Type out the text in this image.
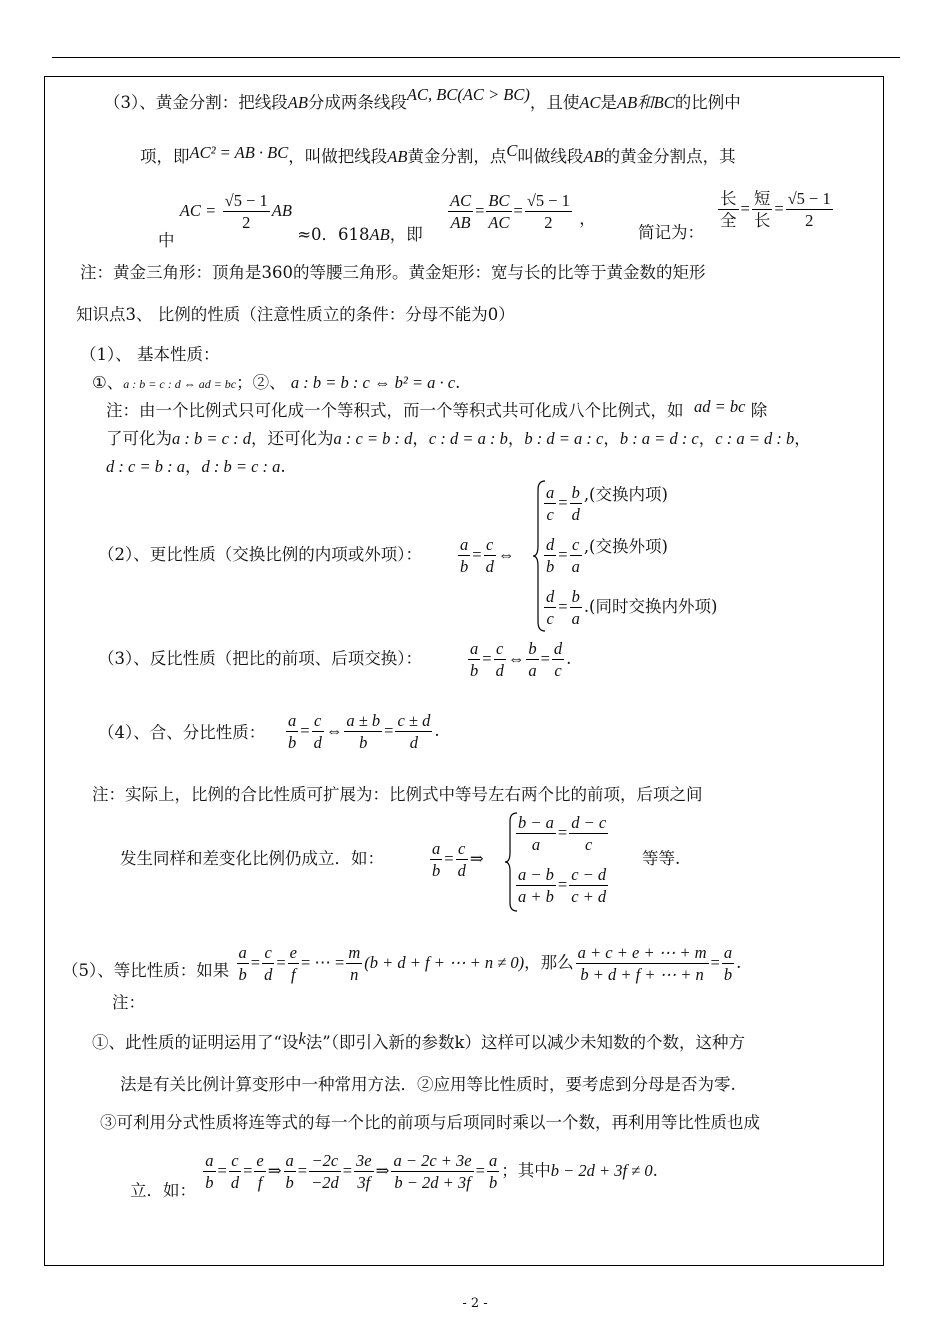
（3）、黄金分割：把线段AB分成两条线段AC, BC(AC > BC)，且使AC是AB和BC的比例中
项，即AC² = AB · BC，叫做把线段AB黄金分割，点C叫做线段AB的黄金分割点，其
中 AC = $\frac{√5 - 1}{2}$ AB ≈0．618AB，即
$\frac{AC}{AB} = \frac{BC}{AC} = \frac{√5 - 1}{2}$ ，
简记为：
$\frac{\text{长}}{\text{全}} = \frac{\text{短}}{\text{长}} = \frac{√5 - 1}{2}$
注：黄金三角形：顶角是360的等腰三角形。黄金矩形：宽与长的比等于黄金数的矩形
知识点3、 比例的性质（注意性质立的条件：分母不能为0）
（1）、 基本性质：
①、a : b = c : d ⇔ ad = bc；②、 a : b = b : c ⇔ b² = a · c.
注：由一个比例式只可化成一个等积式，而一个等积式共可化成八个比例式，如 ad = bc 除
了可化为a : b = c : d，还可化为a : c = b : d，c : d = a : b，b : d = a : c，b : a = d : c，c : a = d : b，
d : c = b : a，d : b = c : a.
（2）、更比性质（交换比例的内项或外项）： $\frac{a}{b} = \frac{c}{d}$ ⇔
$\frac{a}{c} = \frac{b}{d}$ ,(交换内项)
$\frac{d}{b} = \frac{c}{a}$ ,(交换外项)
$\frac{d}{c} = \frac{b}{a}$ .(同时交换内外项)
（3）、反比性质（把比的前项、后项交换）：	$\frac{a}{b} = \frac{c}{d}$ ⇔ $\frac{b}{a} = \frac{d}{c}$ .
（4）、合、分比性质： $\frac{a}{b} = \frac{c}{d}$ ⇔ $\frac{a \pm b}{b} = \frac{c \pm d}{d}$ .
注：实际上，比例的合比性质可扩展为：比例式中等号左右两个比的前项，后项之间
发生同样和差变化比例仍成立．如：	$\frac{a}{b} = \frac{c}{d}$ ⇒
$\frac{b - a}{a} = \frac{d - c}{c}$
$\frac{a - b}{a + b} = \frac{c - d}{c + d}$
等等.
（5）、等比性质：如果 $\frac{a}{b} = \frac{c}{d} = \frac{e}{f}$ = ⋯ = $\frac{m}{n} (b + d + f$ + ⋯ + n ≠ 0)，那么 $\frac{a + c + e + \cdots + m}{b + d + f + \cdots + n} = \frac{a}{b}$ .
注：
①、此性质的证明运用了“设k法”（即引入新的参数k）这样可以减少未知数的个数，这种方
法是有关比例计算变形中一种常用方法．②应用等比性质时，要考虑到分母是否为零.
③可利用分式性质将连等式的每一个比的前项与后项同时乘以一个数，再利用等比性质也成
立．如： $\frac{a}{b} = \frac{c}{d} = \frac{e}{f}$ ⇒ $\frac{a}{b} = \frac{-2c}{-2d} = \frac{3e}{3f}$ ⇒ $\frac{a - 2c + 3e}{b - 2d + 3f} = \frac{a}{b}$ ；其中b − 2d + 3f ≠ 0.
- 2 -
